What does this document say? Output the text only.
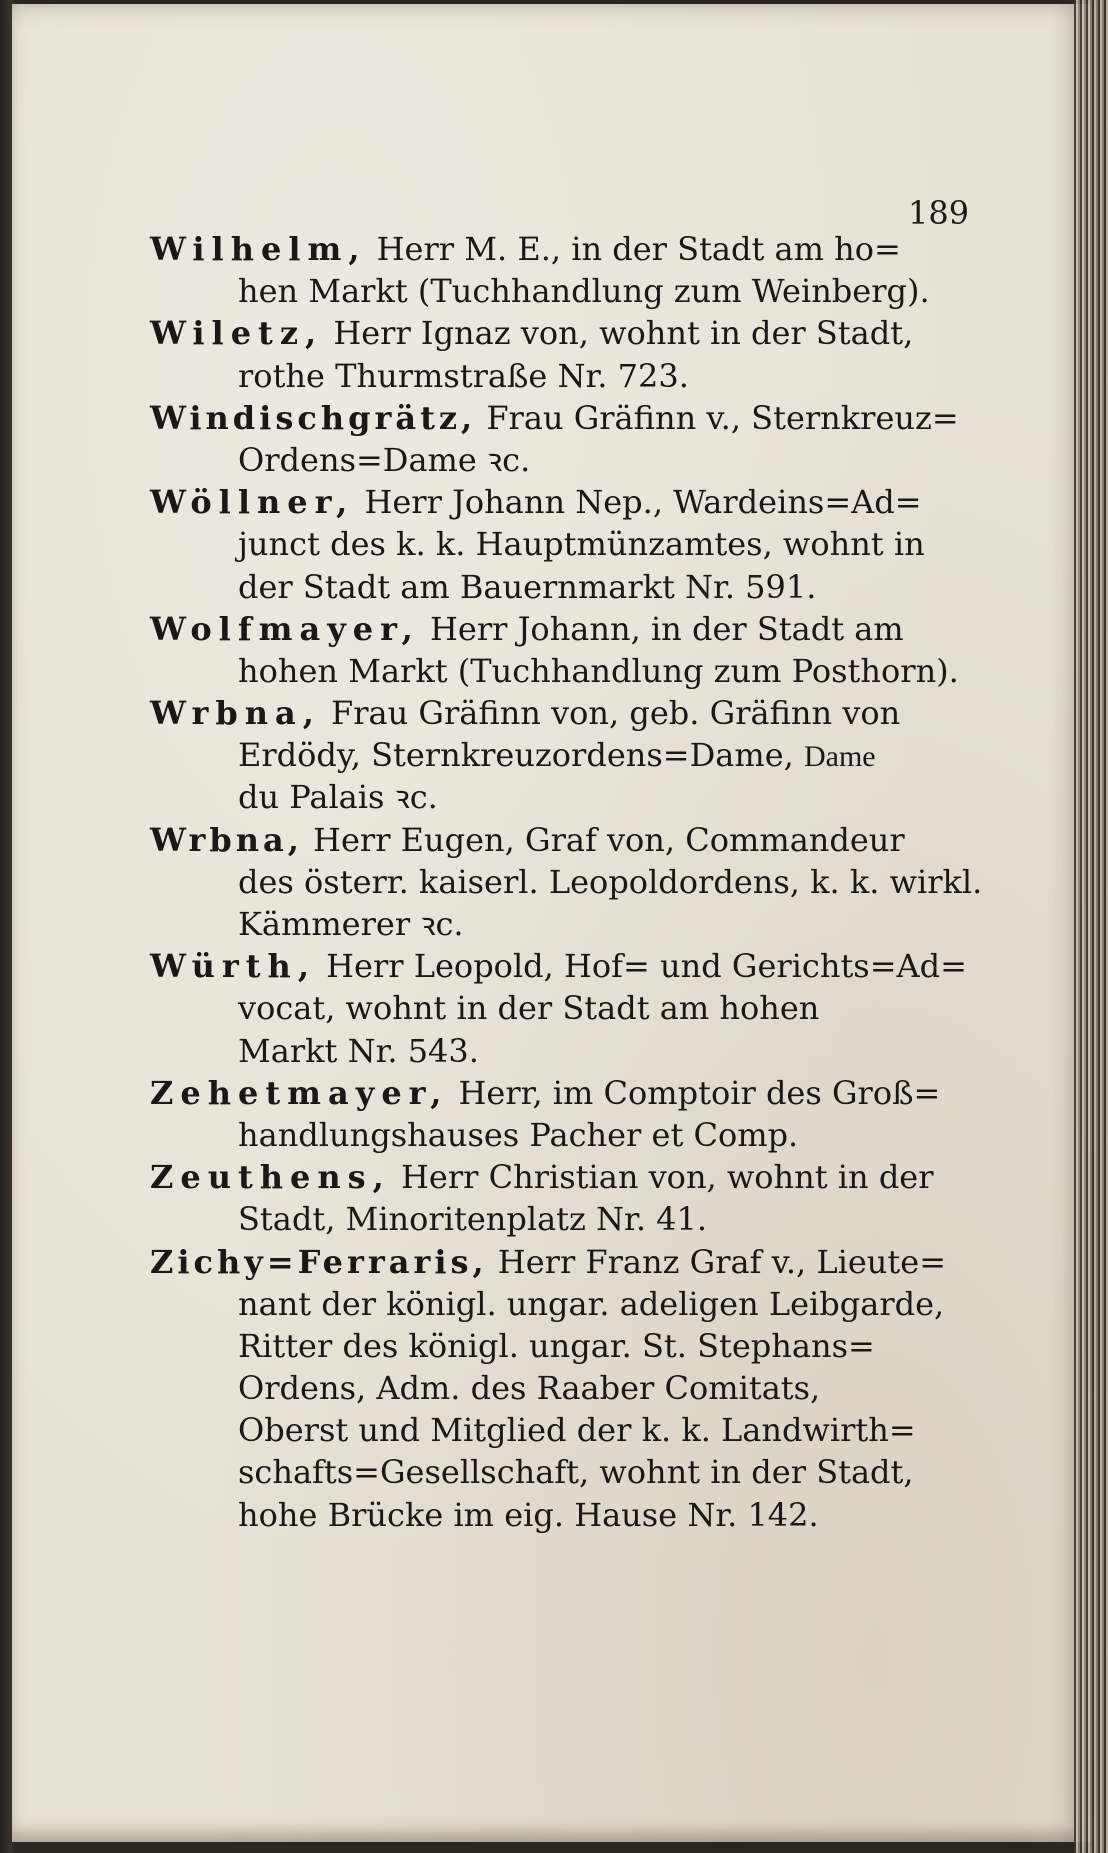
189
Wilhelm, Herr M. E., in der Stadt am ho=
hen Markt (Tuchhandlung zum Weinberg).
Wiletz, Herr Ignaz von, wohnt in der Stadt,
rothe Thurmstraße Nr. 723.
Windischgrätz, Frau Gräfinn v., Sternkreuz=
Ordens=Dame ꝛc.
Wöllner, Herr Johann Nep., Wardeins=Ad=
junct des k. k. Hauptmünzamtes, wohnt in
der Stadt am Bauernmarkt Nr. 591.
Wolfmayer, Herr Johann, in der Stadt am
hohen Markt (Tuchhandlung zum Posthorn).
Wrbna, Frau Gräfinn von, geb. Gräfinn von
Erdödy, Sternkreuzordens=Dame, Dame
du Palais ꝛc.
Wrbna, Herr Eugen, Graf von, Commandeur
des österr. kaiserl. Leopoldordens, k. k. wirkl.
Kämmerer ꝛc.
Würth, Herr Leopold, Hof= und Gerichts=Ad=
vocat, wohnt in der Stadt am hohen
Markt Nr. 543.
Zehetmayer, Herr, im Comptoir des Groß=
handlungshauses Pacher et Comp.
Zeuthens, Herr Christian von, wohnt in der
Stadt, Minoritenplatz Nr. 41.
Zichy=Ferraris, Herr Franz Graf v., Lieute=
nant der königl. ungar. adeligen Leibgarde,
Ritter des königl. ungar. St. Stephans=
Ordens, Adm. des Raaber Comitats,
Oberst und Mitglied der k. k. Landwirth=
schafts=Gesellschaft, wohnt in der Stadt,
hohe Brücke im eig. Hause Nr. 142.
